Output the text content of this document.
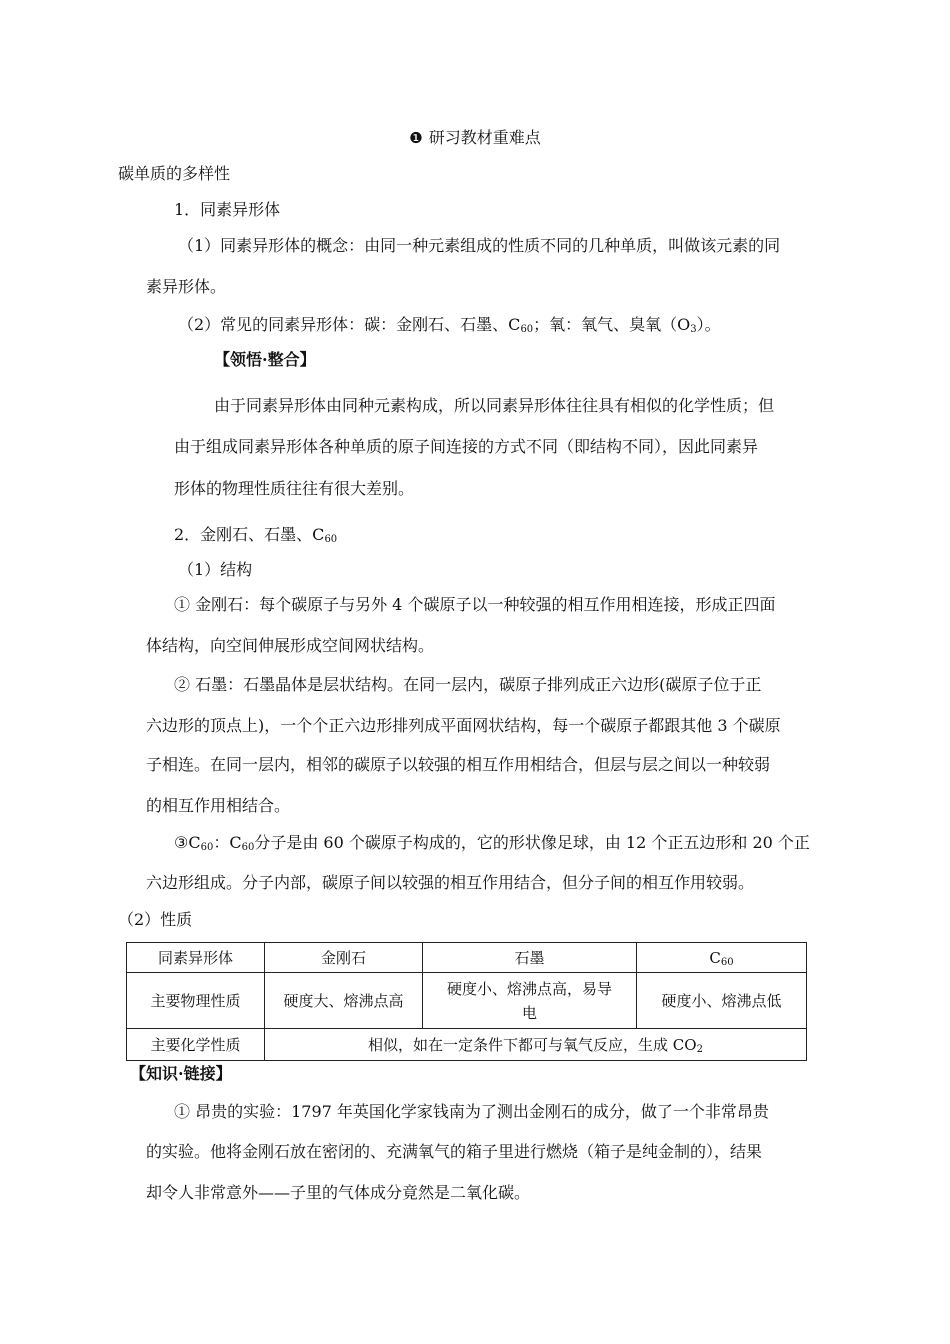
❶ 研习教材重难点
碳单质的多样性
1．同素异形体
（1）同素异形体的概念：由同一种元素组成的性质不同的几种单质，叫做该元素的同
素异形体。
（2）常见的同素异形体：碳：金刚石、石墨、$C_{60}$；氧：氧气、臭氧$(O_3)$。
【领悟·整合】
由于同素异形体由同种元素构成，所以同素异形体往往具有相似的化学性质；但
由于组成同素异形体各种单质的原子间连接的方式不同（即结构不同），因此同素异
形体的物理性质往往有很大差别。
2．金刚石、石墨、$C_{60}$
（1）结构
① 金刚石：每个碳原子与另外 4 个碳原子以一种较强的相互作用相连接，形成正四面
体结构，向空间伸展形成空间网状结构。
② 石墨：石墨晶体是层状结构。在同一层内，碳原子排列成正六边形(碳原子位于正
六边形的顶点上)，一个个正六边形排列成平面网状结构，每一个碳原子都跟其他 3 个碳原
子相连。在同一层内，相邻的碳原子以较强的相互作用相结合，但层与层之间以一种较弱
的相互作用相结合。
$③C_{60}$：$C_{60}$分子是由 60 个碳原子构成的，它的形状像足球，由 12 个正五边形和 20 个正
六边形组成。分子内部，碳原子间以较强的相互作用结合，但分子间的相互作用较弱。
（2）性质
同素异形体	金刚石	石墨	$C_{60}$
主要物理性质	硬度大、熔沸点高	硬度小、熔沸点高，易导
电	硬度小、熔沸点低
主要化学性质	相似，如在一定条件下都可与氧气反应，生成 $CO_2$
【知识·链接】
① 昂贵的实验：1797 年英国化学家钱南为了测出金刚石的成分，做了一个非常昂贵
的实验。他将金刚石放在密闭的、充满氧气的箱子里进行燃烧（箱子是纯金制的），结果
却令人非常意外——子里的气体成分竟然是二氧化碳。
